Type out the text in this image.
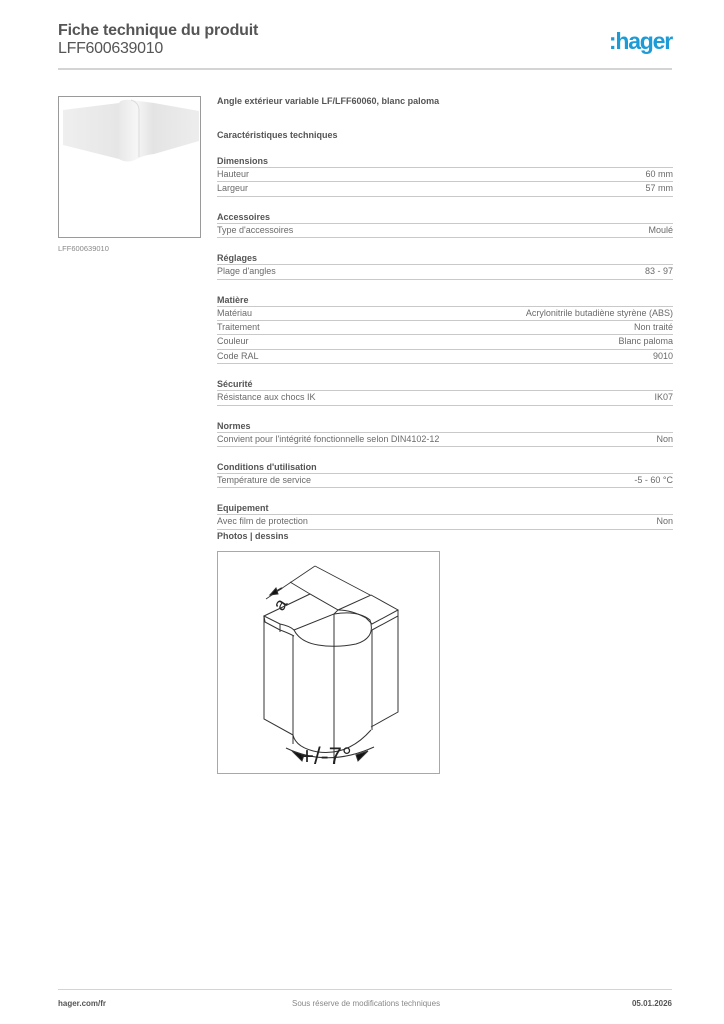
Fiche technique du produit
LFF600639010	:hager
LFF600639010
Angle extérieur variable LF/LFF60060, blanc paloma
Caractéristiques techniques
Dimensions
Hauteur	60 mm
Largeur	57 mm
Accessoires
Type d'accessoires	Moulé
Réglages
Plage d'angles	83 - 97
Matière
Matériau	Acrylonitrile butadiène styrène (ABS)
Traitement	Non traité
Couleur	Blanc paloma
Code RAL	9010
Sécurité
Résistance aux chocs IK	IK07
Normes
Convient pour l'intégrité fonctionnelle selon DIN4102-12	Non
Conditions d'utilisation
Température de service	-5 - 60 °C
Equipement
Avec film de protection	Non
Photos | dessins
a
+/-7°
hager.com/fr	Sous réserve de modifications techniques	05.01.2026
